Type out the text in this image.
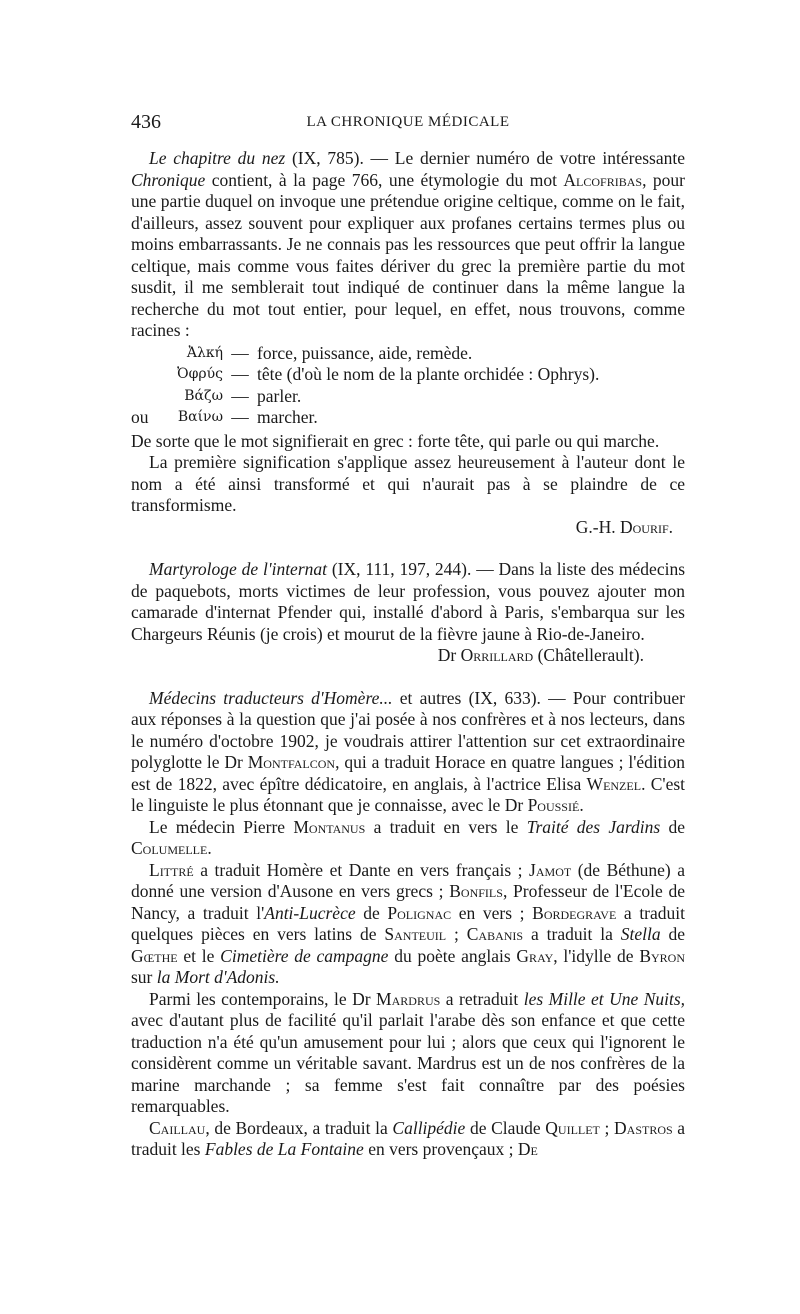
436	LA CHRONIQUE MÉDICALE

Le chapitre du nez (IX, 785). — Le dernier numéro de votre intéressante Chronique contient, à la page 766, une étymologie du mot Alcofribas, pour une partie duquel on invoque une prétendue origine celtique, comme on le fait, d'ailleurs, assez souvent pour expliquer aux profanes certains termes plus ou moins embarrassants. Je ne connais pas les ressources que peut offrir la langue celtique, mais comme vous faites dériver du grec la première partie du mot susdit, il me semblerait tout indiqué de continuer dans la même langue la recherche du mot tout entier, pour lequel, en effet, nous trouvons, comme racines :

Ἀλκή — force, puissance, aide, remède.
Ὀφρύς — tête (d'où le nom de la plante orchidée : Ophrys).
Βάζω — parler.
ou	Βαίνω — marcher.

De sorte que le mot signifierait en grec : forte tête, qui parle ou qui marche.

La première signification s'applique assez heureusement à l'auteur dont le nom a été ainsi transformé et qui n'aurait pas à se plaindre de ce transformisme.

G.-H. Dourif.

Martyrologe de l'internat (IX, 111, 197, 244). — Dans la liste des médecins de paquebots, morts victimes de leur profession, vous pouvez ajouter mon camarade d'internat Pfender qui, installé d'abord à Paris, s'embarqua sur les Chargeurs Réunis (je crois) et mourut de la fièvre jaune à Rio-de-Janeiro.

Dr Orrillard (Châtellerault).

Médecins traducteurs d'Homère... et autres (IX, 633). — Pour contribuer aux réponses à la question que j'ai posée à nos confrères et à nos lecteurs, dans le numéro d'octobre 1902, je voudrais attirer l'attention sur cet extraordinaire polyglotte le Dr Montfalcon, qui a traduit Horace en quatre langues ; l'édition est de 1822, avec épître dédicatoire, en anglais, à l'actrice Elisa Wenzel. C'est le linguiste le plus étonnant que je connaisse, avec le Dr Poussié.

Le médecin Pierre Montanus a traduit en vers le Traité des Jardins de Columelle.

Littré a traduit Homère et Dante en vers français ; Jamot (de Béthune) a donné une version d'Ausone en vers grecs ; Bonfils, Professeur de l'Ecole de Nancy, a traduit l'Anti-Lucrèce de Polignac en vers ; Bordegrave a traduit quelques pièces en vers latins de Santeuil ; Cabanis a traduit la Stella de Gœthe et le Cimetière de campagne du poète anglais Gray, l'idylle de Byron sur la Mort d'Adonis.

Parmi les contemporains, le Dr Mardrus a retraduit les Mille et Une Nuits, avec d'autant plus de facilité qu'il parlait l'arabe dès son enfance et que cette traduction n'a été qu'un amusement pour lui ; alors que ceux qui l'ignorent le considèrent comme un véritable savant. Mardrus est un de nos confrères de la marine marchande ; sa femme s'est fait connaître par des poésies remarquables.

Caillau, de Bordeaux, a traduit la Callipédie de Claude Quillet ; Dastros a traduit les Fables de La Fontaine en vers provençaux ; De
